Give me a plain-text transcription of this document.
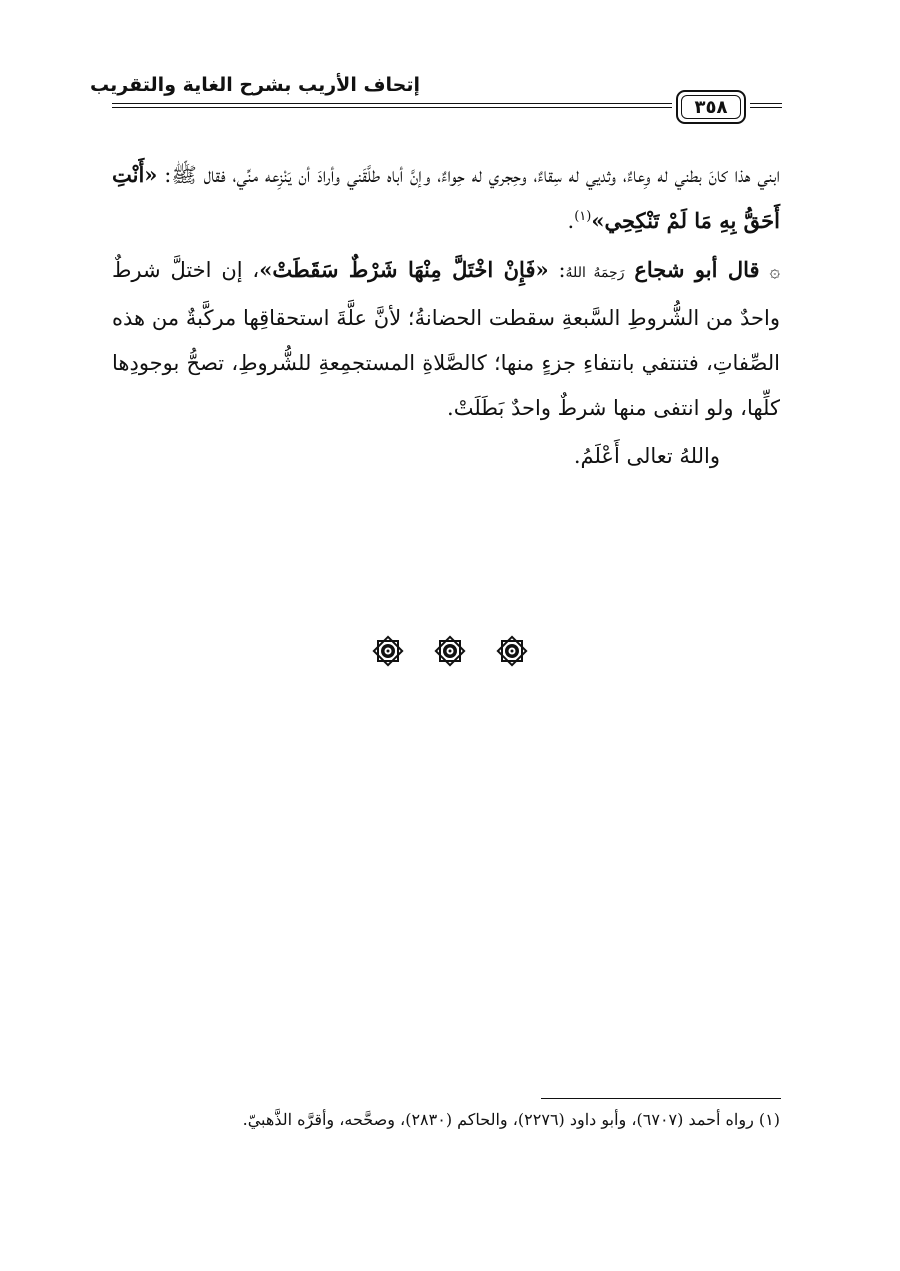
إتحاف الأريب بشرح الغاية والتقريب
٣٥٨

ابني هذا كانَ بطني له وِعاءٌ، وثديي له سِقاءٌ، وحِجري له حِواءٌ، وإنَّ أباه طلَّقَني وأرادَ أن يَنْزِعه منِّي، فقال ﷺ: «أَنْتِ أَحَقُّ بِهِ مَا لَمْ تَنْكِحِي»$^{(١)}$.

۞ قال أبو شجاع رَحِمَهُ اللهُ: «فَإِنْ اخْتَلَّ مِنْهَا شَرْطٌ سَقَطَتْ»، إن اختلَّ شرطٌ واحدٌ من الشُّروطِ السَّبعةِ سقطت الحضانةُ؛ لأنَّ علَّةَ استحقاقِها مركَّبةٌ من هذه الصِّفاتِ، فتنتفي بانتفاءِ جزءٍ منها؛ كالصَّلاةِ المستجمِعةِ للشُّروطِ، تصحُّ بوجودِها كلِّها، ولو انتفى منها شرطٌ واحدٌ بَطَلَتْ.

واللهُ تعالى أَعْلَمُ.

(١) رواه أحمد (٦٧٠٧)، وأبو داود (٢٢٧٦)، والحاكم (٢٨٣٠)، وصحَّحه، وأقرَّه الذَّهبيّ.
